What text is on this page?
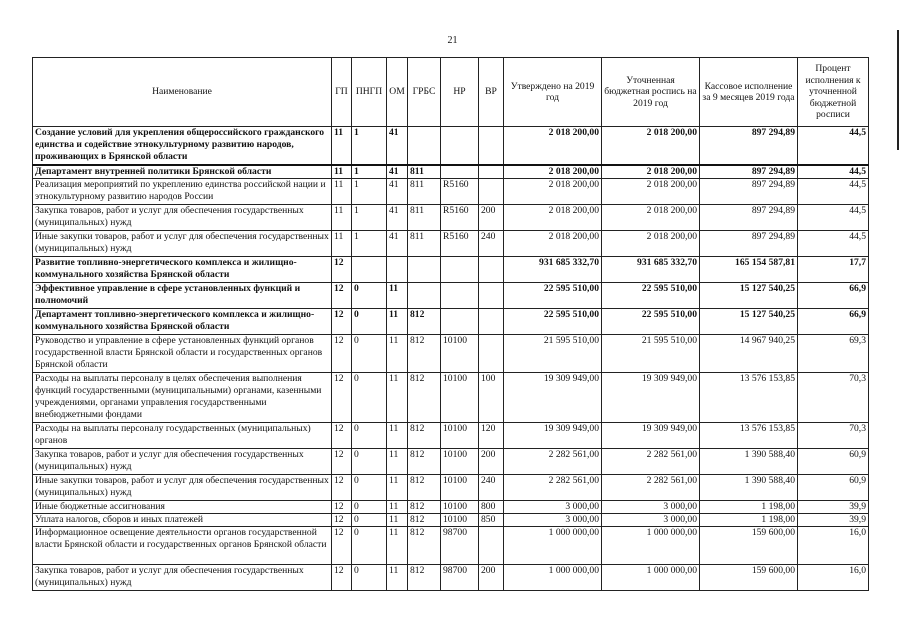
21
Наименование	ГП	ПНГП	ОМ	ГРБС	НР	ВР	Утверждено на 2019 год	Уточненная бюджетная роспись на 2019 год	Кассовое исполнение за 9 месяцев 2019 года	Процент исполнения к уточненной бюджетной росписи
Создание условий для укрепления общероссийского гражданского единства и содействие этнокультурному развитию народов, проживающих в Брянской области	11	1	41				2 018 200,00	2 018 200,00	897 294,89	44,5
Департамент внутренней политики Брянской области	11	1	41	811			2 018 200,00	2 018 200,00	897 294,89	44,5
Реализация мероприятий по укреплению единства российской нации и этнокультурному развитию народов России	11	1	41	811	R5160		2 018 200,00	2 018 200,00	897 294,89	44,5
Закупка товаров, работ и услуг для обеспечения государственных (муниципальных) нужд	11	1	41	811	R5160	200	2 018 200,00	2 018 200,00	897 294,89	44,5
Иные закупки товаров, работ и услуг для обеспечения государственных (муниципальных) нужд	11	1	41	811	R5160	240	2 018 200,00	2 018 200,00	897 294,89	44,5
Развитие топливно-энергетического комплекса и жилищно-коммунального хозяйства Брянской области	12						931 685 332,70	931 685 332,70	165 154 587,81	17,7
Эффективное управление в сфере установленных функций и полномочий	12	0	11				22 595 510,00	22 595 510,00	15 127 540,25	66,9
Департамент топливно-энергетического комплекса и жилищно-коммунального хозяйства Брянской области	12	0	11	812			22 595 510,00	22 595 510,00	15 127 540,25	66,9
Руководство и управление в сфере установленных функций органов государственной власти Брянской области и государственных органов Брянской области	12	0	11	812	10100		21 595 510,00	21 595 510,00	14 967 940,25	69,3
Расходы на выплаты персоналу в целях обеспечения выполнения функций государственными (муниципальными) органами, казенными учреждениями, органами управления государственными внебюджетными фондами	12	0	11	812	10100	100	19 309 949,00	19 309 949,00	13 576 153,85	70,3
Расходы на выплаты персоналу государственных (муниципальных) органов	12	0	11	812	10100	120	19 309 949,00	19 309 949,00	13 576 153,85	70,3
Закупка товаров, работ и услуг для обеспечения государственных (муниципальных) нужд	12	0	11	812	10100	200	2 282 561,00	2 282 561,00	1 390 588,40	60,9
Иные закупки товаров, работ и услуг для обеспечения государственных (муниципальных) нужд	12	0	11	812	10100	240	2 282 561,00	2 282 561,00	1 390 588,40	60,9
Иные бюджетные ассигнования	12	0	11	812	10100	800	3 000,00	3 000,00	1 198,00	39,9
Уплата налогов, сборов и иных платежей	12	0	11	812	10100	850	3 000,00	3 000,00	1 198,00	39,9
Информационное освещение деятельности органов государственной власти Брянской области и государственных органов Брянской области	12	0	11	812	98700		1 000 000,00	1 000 000,00	159 600,00	16,0
Закупка товаров, работ и услуг для обеспечения государственных (муниципальных) нужд	12	0	11	812	98700	200	1 000 000,00	1 000 000,00	159 600,00	16,0
